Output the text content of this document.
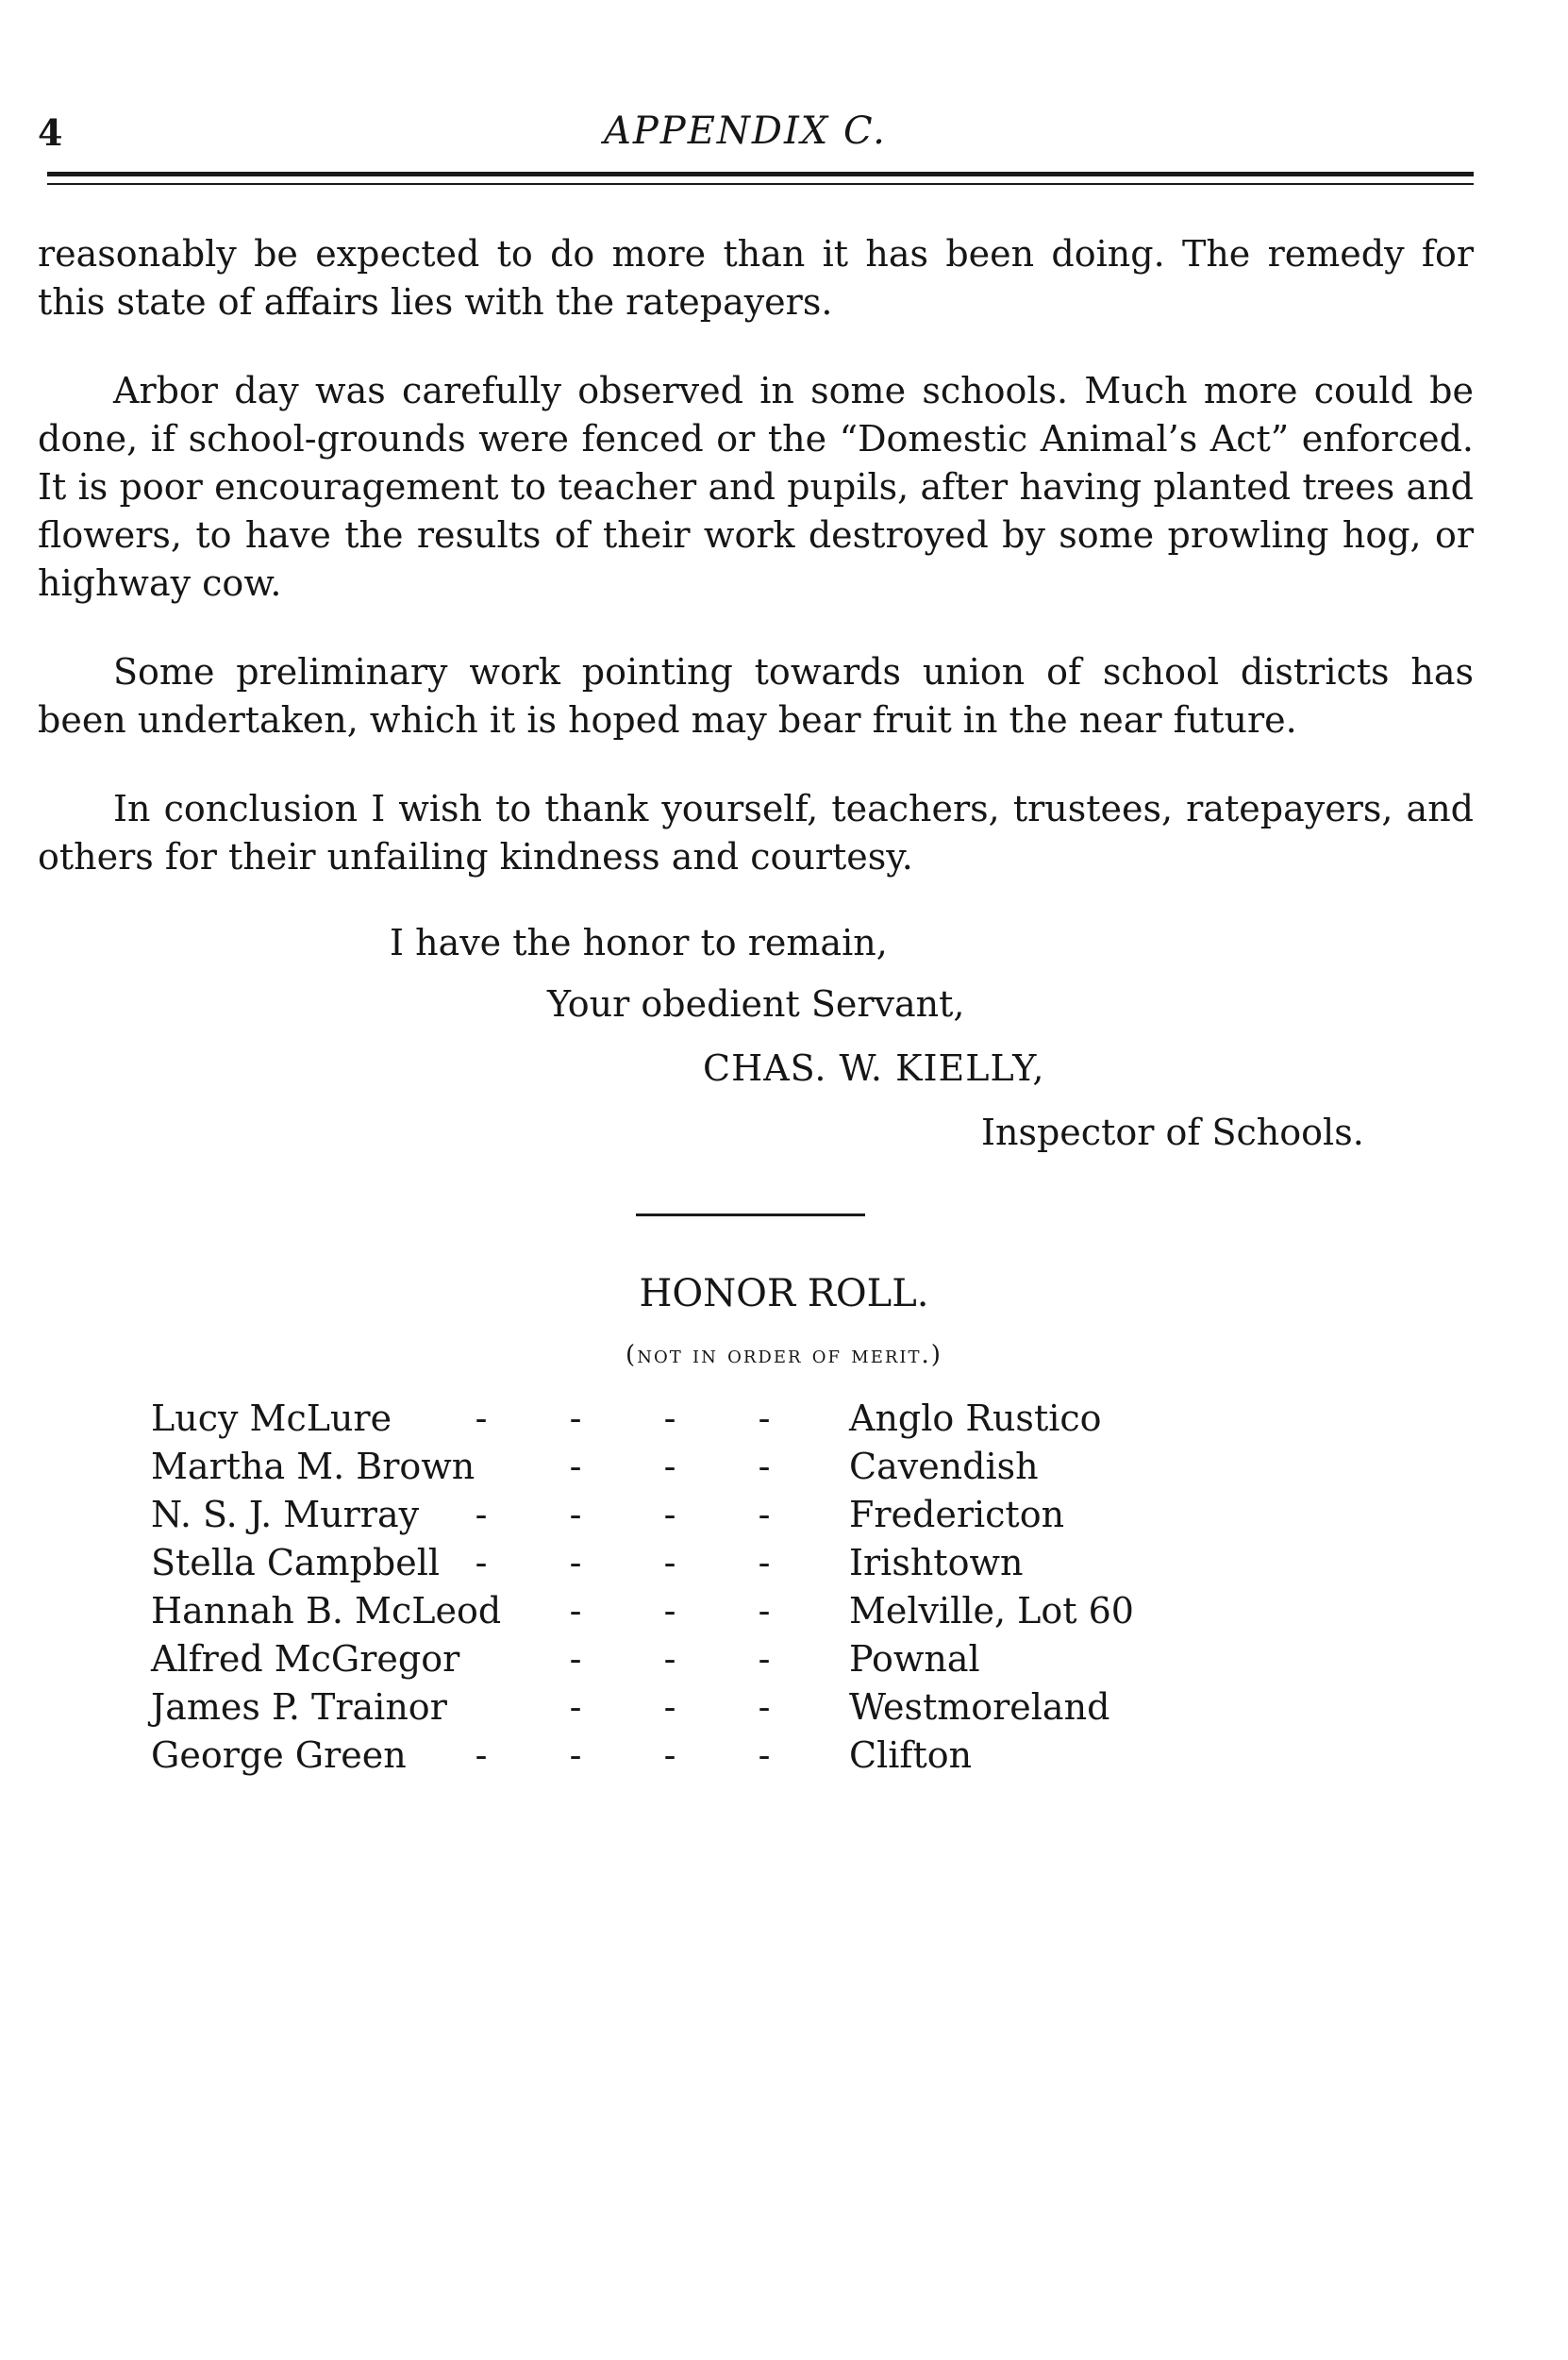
4	APPENDIX C.

reasonably be expected to do more than it has been doing. The remedy for this state of affairs lies with the ratepayers.

Arbor day was carefully observed in some schools. Much more could be done, if school-grounds were fenced or the “Domestic Animal’s Act” enforced. It is poor encouragement to teacher and pupils, after having planted trees and flowers, to have the results of their work destroyed by some prowling hog, or highway cow.

Some preliminary work pointing towards union of school districts has been undertaken, which it is hoped may bear fruit in the near future.

In conclusion I wish to thank yourself, teachers, trustees, ratepayers, and others for their unfailing kindness and courtesy.

I have the honor to remain,
Your obedient Servant,
CHAS. W. KIELLY,
Inspector of Schools.
HONOR ROLL.
(not in order of merit.)
Lucy McLure	- - - -	Anglo Rustico
Martha M. Brown	- - -	Cavendish
N. S. J. Murray	- - - -	Fredericton
Stella Campbell - - - -	Irishtown
Hannah B. McLeod	- - -	Melville, Lot 60
Alfred McGregor	- - -	Pownal
James P. Trainor	- - -	Westmoreland
George Green	- - - -	Clifton
